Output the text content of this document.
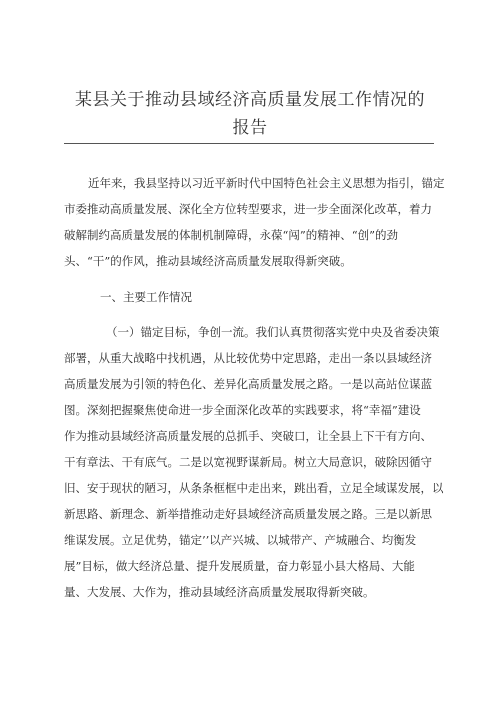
某县关于推动县域经济高质量发展工作情况的
报告
近年来，我县坚持以习近平新时代中国特色社会主义思想为指引，锚定
市委推动高质量发展、深化全方位转型要求，进一步全面深化改革，着力
破解制约高质量发展的体制机制障碍，永葆“闯”的精神、“创”的劲
头、“干”的作风，推动县域经济高质量发展取得新突破。
一、主要工作情况
（一）锚定目标，争创一流。我们认真贯彻落实党中央及省委决策
部署，从重大战略中找机遇，从比较优势中定思路，走出一条以县域经济
高质量发展为引领的特色化、差异化高质量发展之路。一是以高站位谋蓝
图。深刻把握聚焦使命进一步全面深化改革的实践要求，将“幸福”建设
作为推动县域经济高质量发展的总抓手、突破口，让全县上下干有方向、
干有章法、干有底气。二是以宽视野谋新局。树立大局意识，破除因循守
旧、安于现状的陋习，从条条框框中走出来，跳出看，立足全域谋发展，以
新思路、新理念、新举措推动走好县域经济高质量发展之路。三是以新思
维谋发展。立足优势，锚定’’以产兴城、以城带产、产城融合、均衡发
展”目标，做大经济总量、提升发展质量，奋力彰显小县大格局、大能
量、大发展、大作为，推动县域经济高质量发展取得新突破。
